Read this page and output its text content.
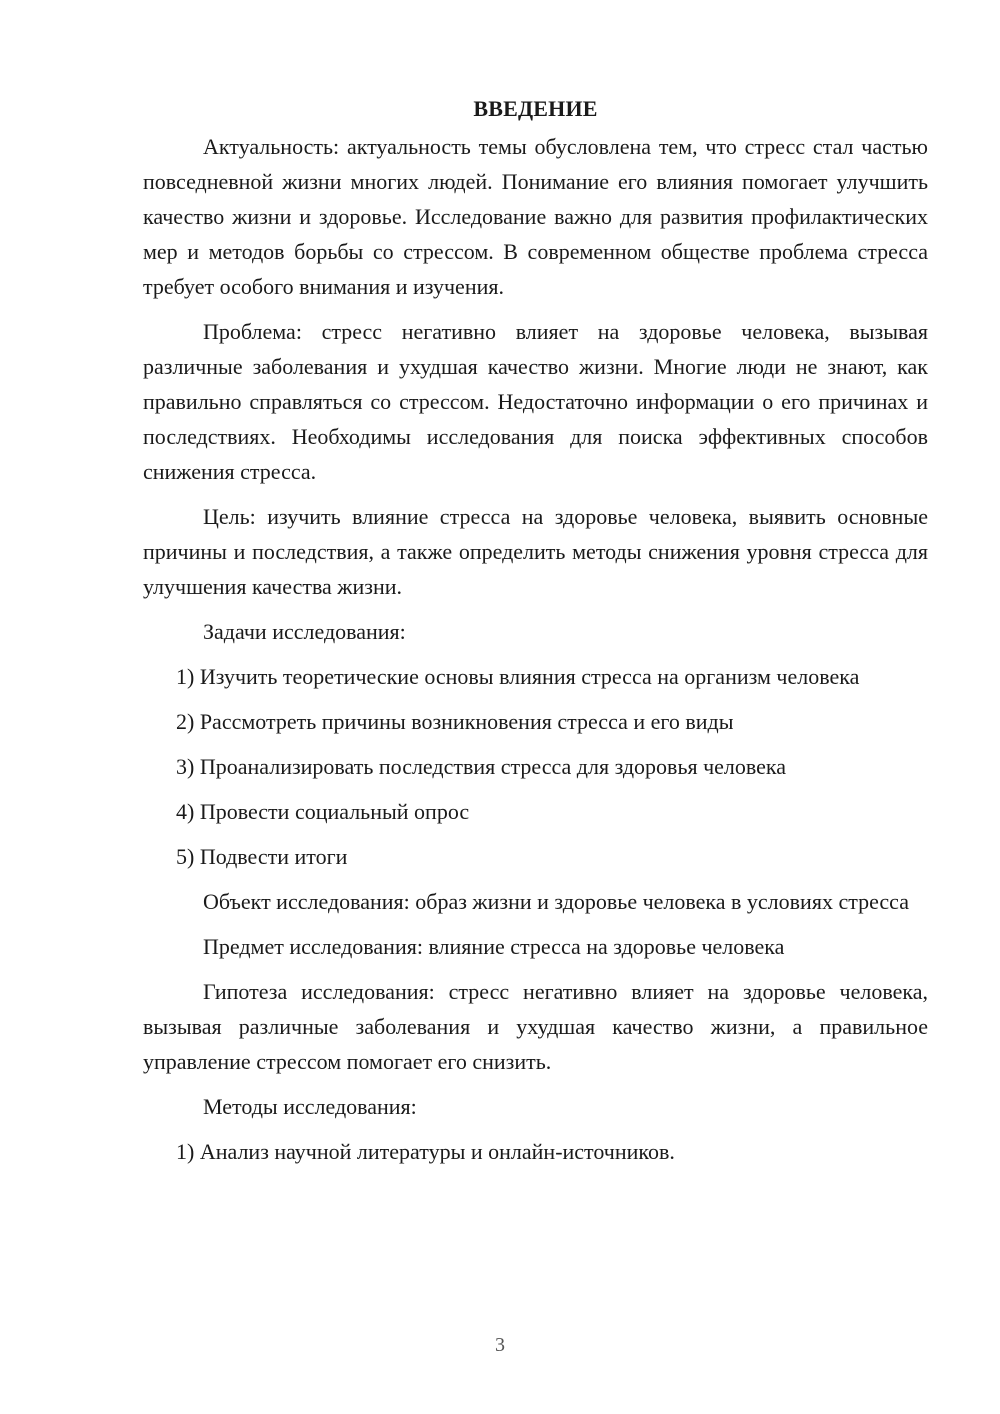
ВВЕДЕНИЕ

Актуальность: актуальность темы обусловлена тем, что стресс стал частью повседневной жизни многих людей. Понимание его влияния помогает улучшить качество жизни и здоровье. Исследование важно для развития профилактических мер и методов борьбы со стрессом. В современном обществе проблема стресса требует особого внимания и изучения.

Проблема: стресс негативно влияет на здоровье человека, вызывая различные заболевания и ухудшая качество жизни. Многие люди не знают, как правильно справляться со стрессом. Недостаточно информации о его причинах и последствиях. Необходимы исследования для поиска эффективных способов снижения стресса.

Цель: изучить влияние стресса на здоровье человека, выявить основные причины и последствия, а также определить методы снижения уровня стресса для улучшения качества жизни.

Задачи исследования:

1) Изучить теоретические основы влияния стресса на организм человека

2) Рассмотреть причины возникновения стресса и его виды

3) Проанализировать последствия стресса для здоровья человека

4) Провести социальный опрос

5) Подвести итоги

Объект исследования: образ жизни и здоровье человека в условиях стресса

Предмет исследования: влияние стресса на здоровье человека

Гипотеза исследования: стресс негативно влияет на здоровье человека, вызывая различные заболевания и ухудшая качество жизни, а правильное управление стрессом помогает его снизить.

Методы исследования:

1) Анализ научной литературы и онлайн-источников.

3
